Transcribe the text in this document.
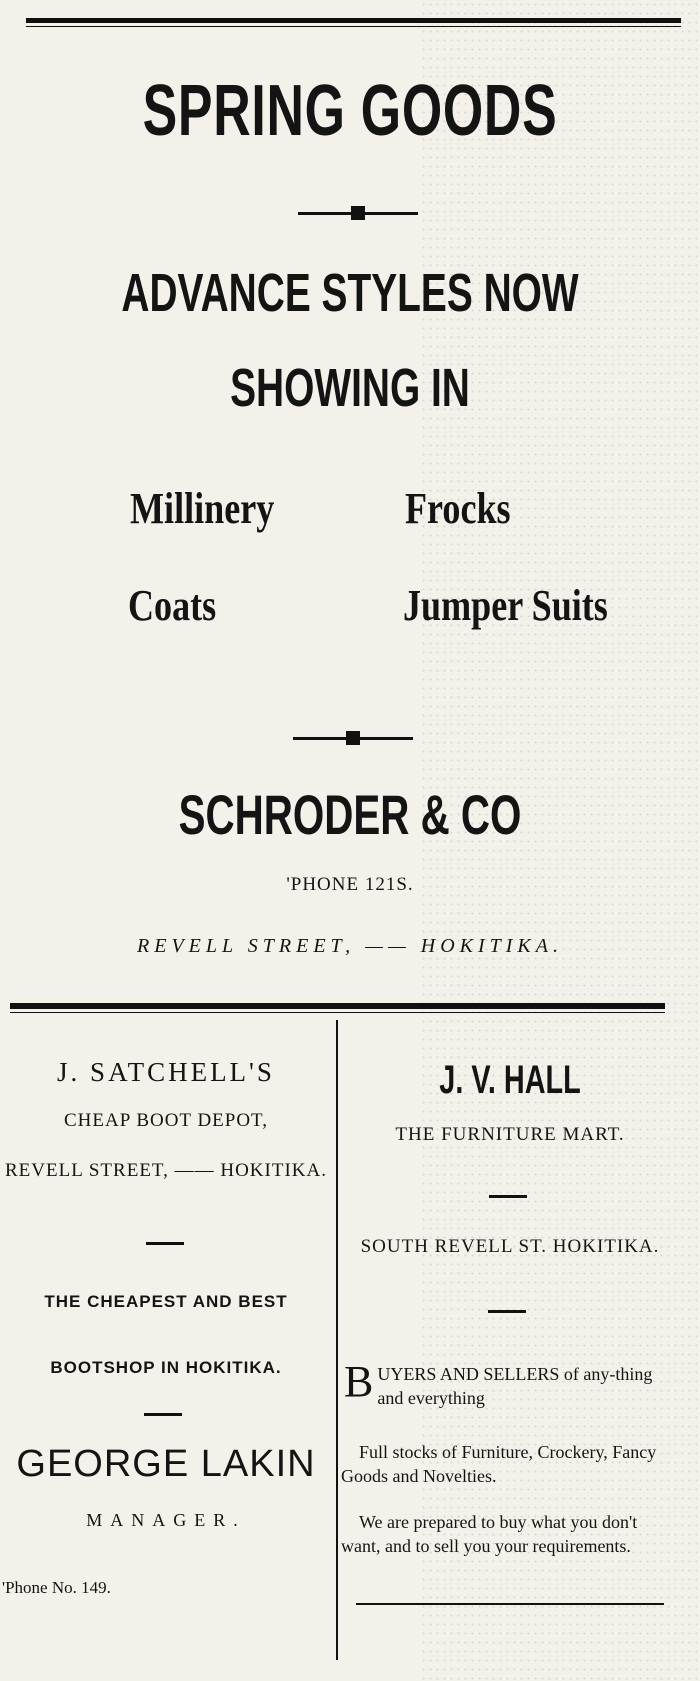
SPRING GOODS
ADVANCE STYLES NOW
SHOWING IN
Millinery	Frocks
Coats	Jumper Suits
SCHRODER & CO
'PHONE 121S.
REVELL STREET, —— HOKITIKA.
J. SATCHELL'S
CHEAP BOOT DEPOT,
REVELL STREET, —— HOKITIKA.
THE CHEAPEST AND BEST
BOOTSHOP IN HOKITIKA.
GEORGE LAKIN
MANAGER.
'Phone No. 149.
J. V. HALL
THE FURNITURE MART.
SOUTH REVELL ST. HOKITIKA.
B UYERS AND SELLERS of any-thing and everything
Full stocks of Furniture, Crockery, Fancy Goods and Novelties.
We are prepared to buy what you don't want, and to sell you your requirements.
